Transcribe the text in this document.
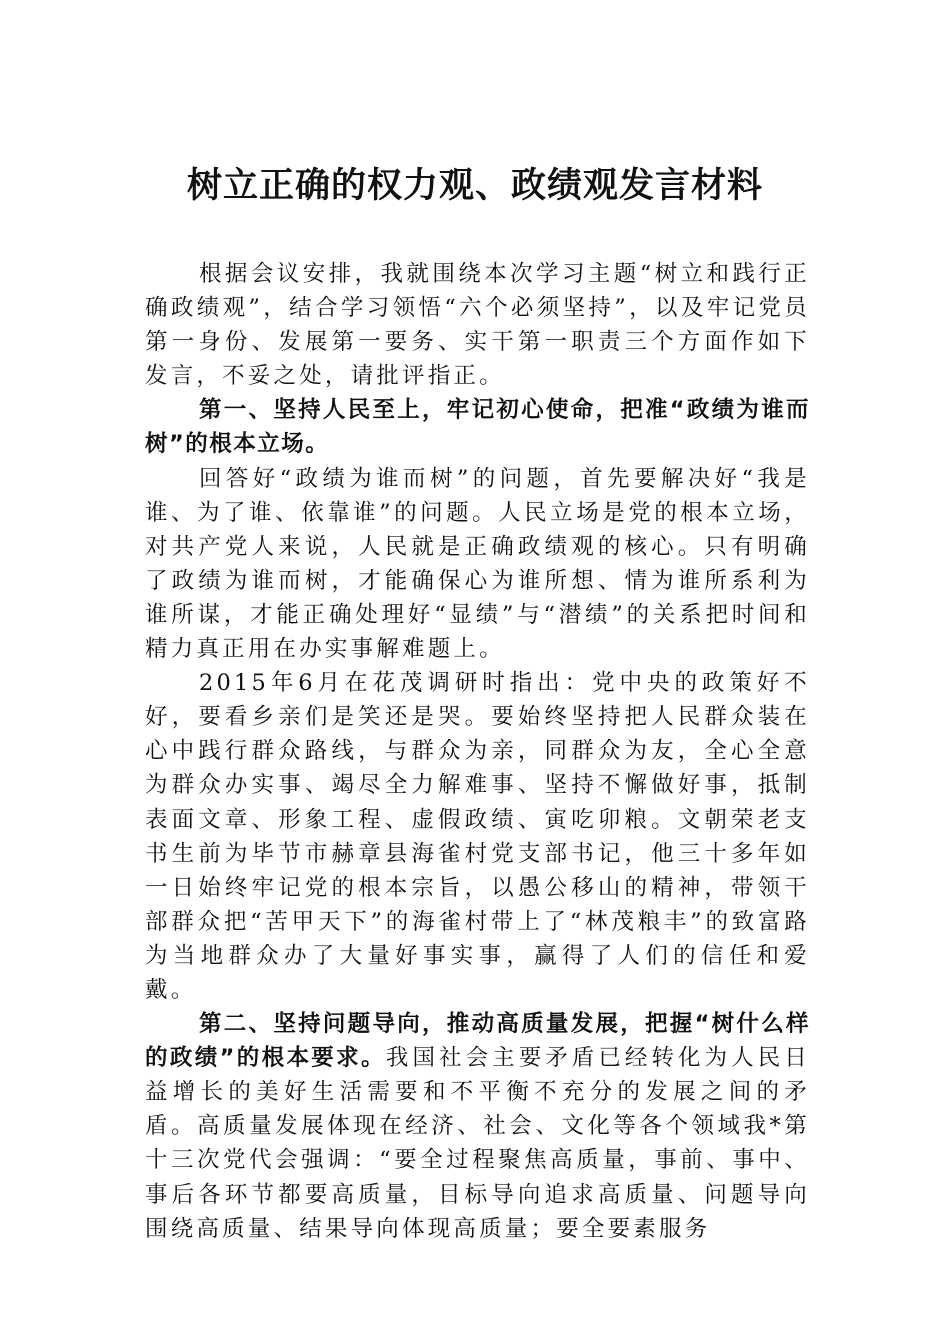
树立正确的权力观、政绩观发言材料

根据会议安排，我就围绕本次学习主题“树立和践行正确政绩观”，结合学习领悟“六个必须坚持”，以及牢记党员第一身份、发展第一要务、实干第一职责三个方面作如下发言，不妥之处，请批评指正。

第一、坚持人民至上，牢记初心使命，把准“政绩为谁而树”的根本立场。

回答好“政绩为谁而树”的问题，首先要解决好“我是谁、为了谁、依靠谁”的问题。人民立场是党的根本立场，对共产党人来说，人民就是正确政绩观的核心。只有明确了政绩为谁而树，才能确保心为谁所想、情为谁所系利为谁所谋，才能正确处理好“显绩”与“潜绩”的关系把时间和精力真正用在办实事解难题上。

2015年6月在花茂调研时指出：党中央的政策好不好，要看乡亲们是笑还是哭。要始终坚持把人民群众装在心中践行群众路线，与群众为亲，同群众为友，全心全意为群众办实事、竭尽全力解难事、坚持不懈做好事，抵制表面文章、形象工程、虚假政绩、寅吃卯粮。文朝荣老支书生前为毕节市赫章县海雀村党支部书记，他三十多年如一日始终牢记党的根本宗旨，以愚公移山的精神，带领干部群众把“苦甲天下”的海雀村带上了“林茂粮丰”的致富路为当地群众办了大量好事实事，赢得了人们的信任和爱戴。

第二、坚持问题导向，推动高质量发展，把握“树什么样的政绩”的根本要求。我国社会主要矛盾已经转化为人民日益增长的美好生活需要和不平衡不充分的发展之间的矛盾。高质量发展体现在经济、社会、文化等各个领域我*第十三次党代会强调：“要全过程聚焦高质量，事前、事中、事后各环节都要高质量，目标导向追求高质量、问题导向围绕高质量、结果导向体现高质量；要全要素服务
